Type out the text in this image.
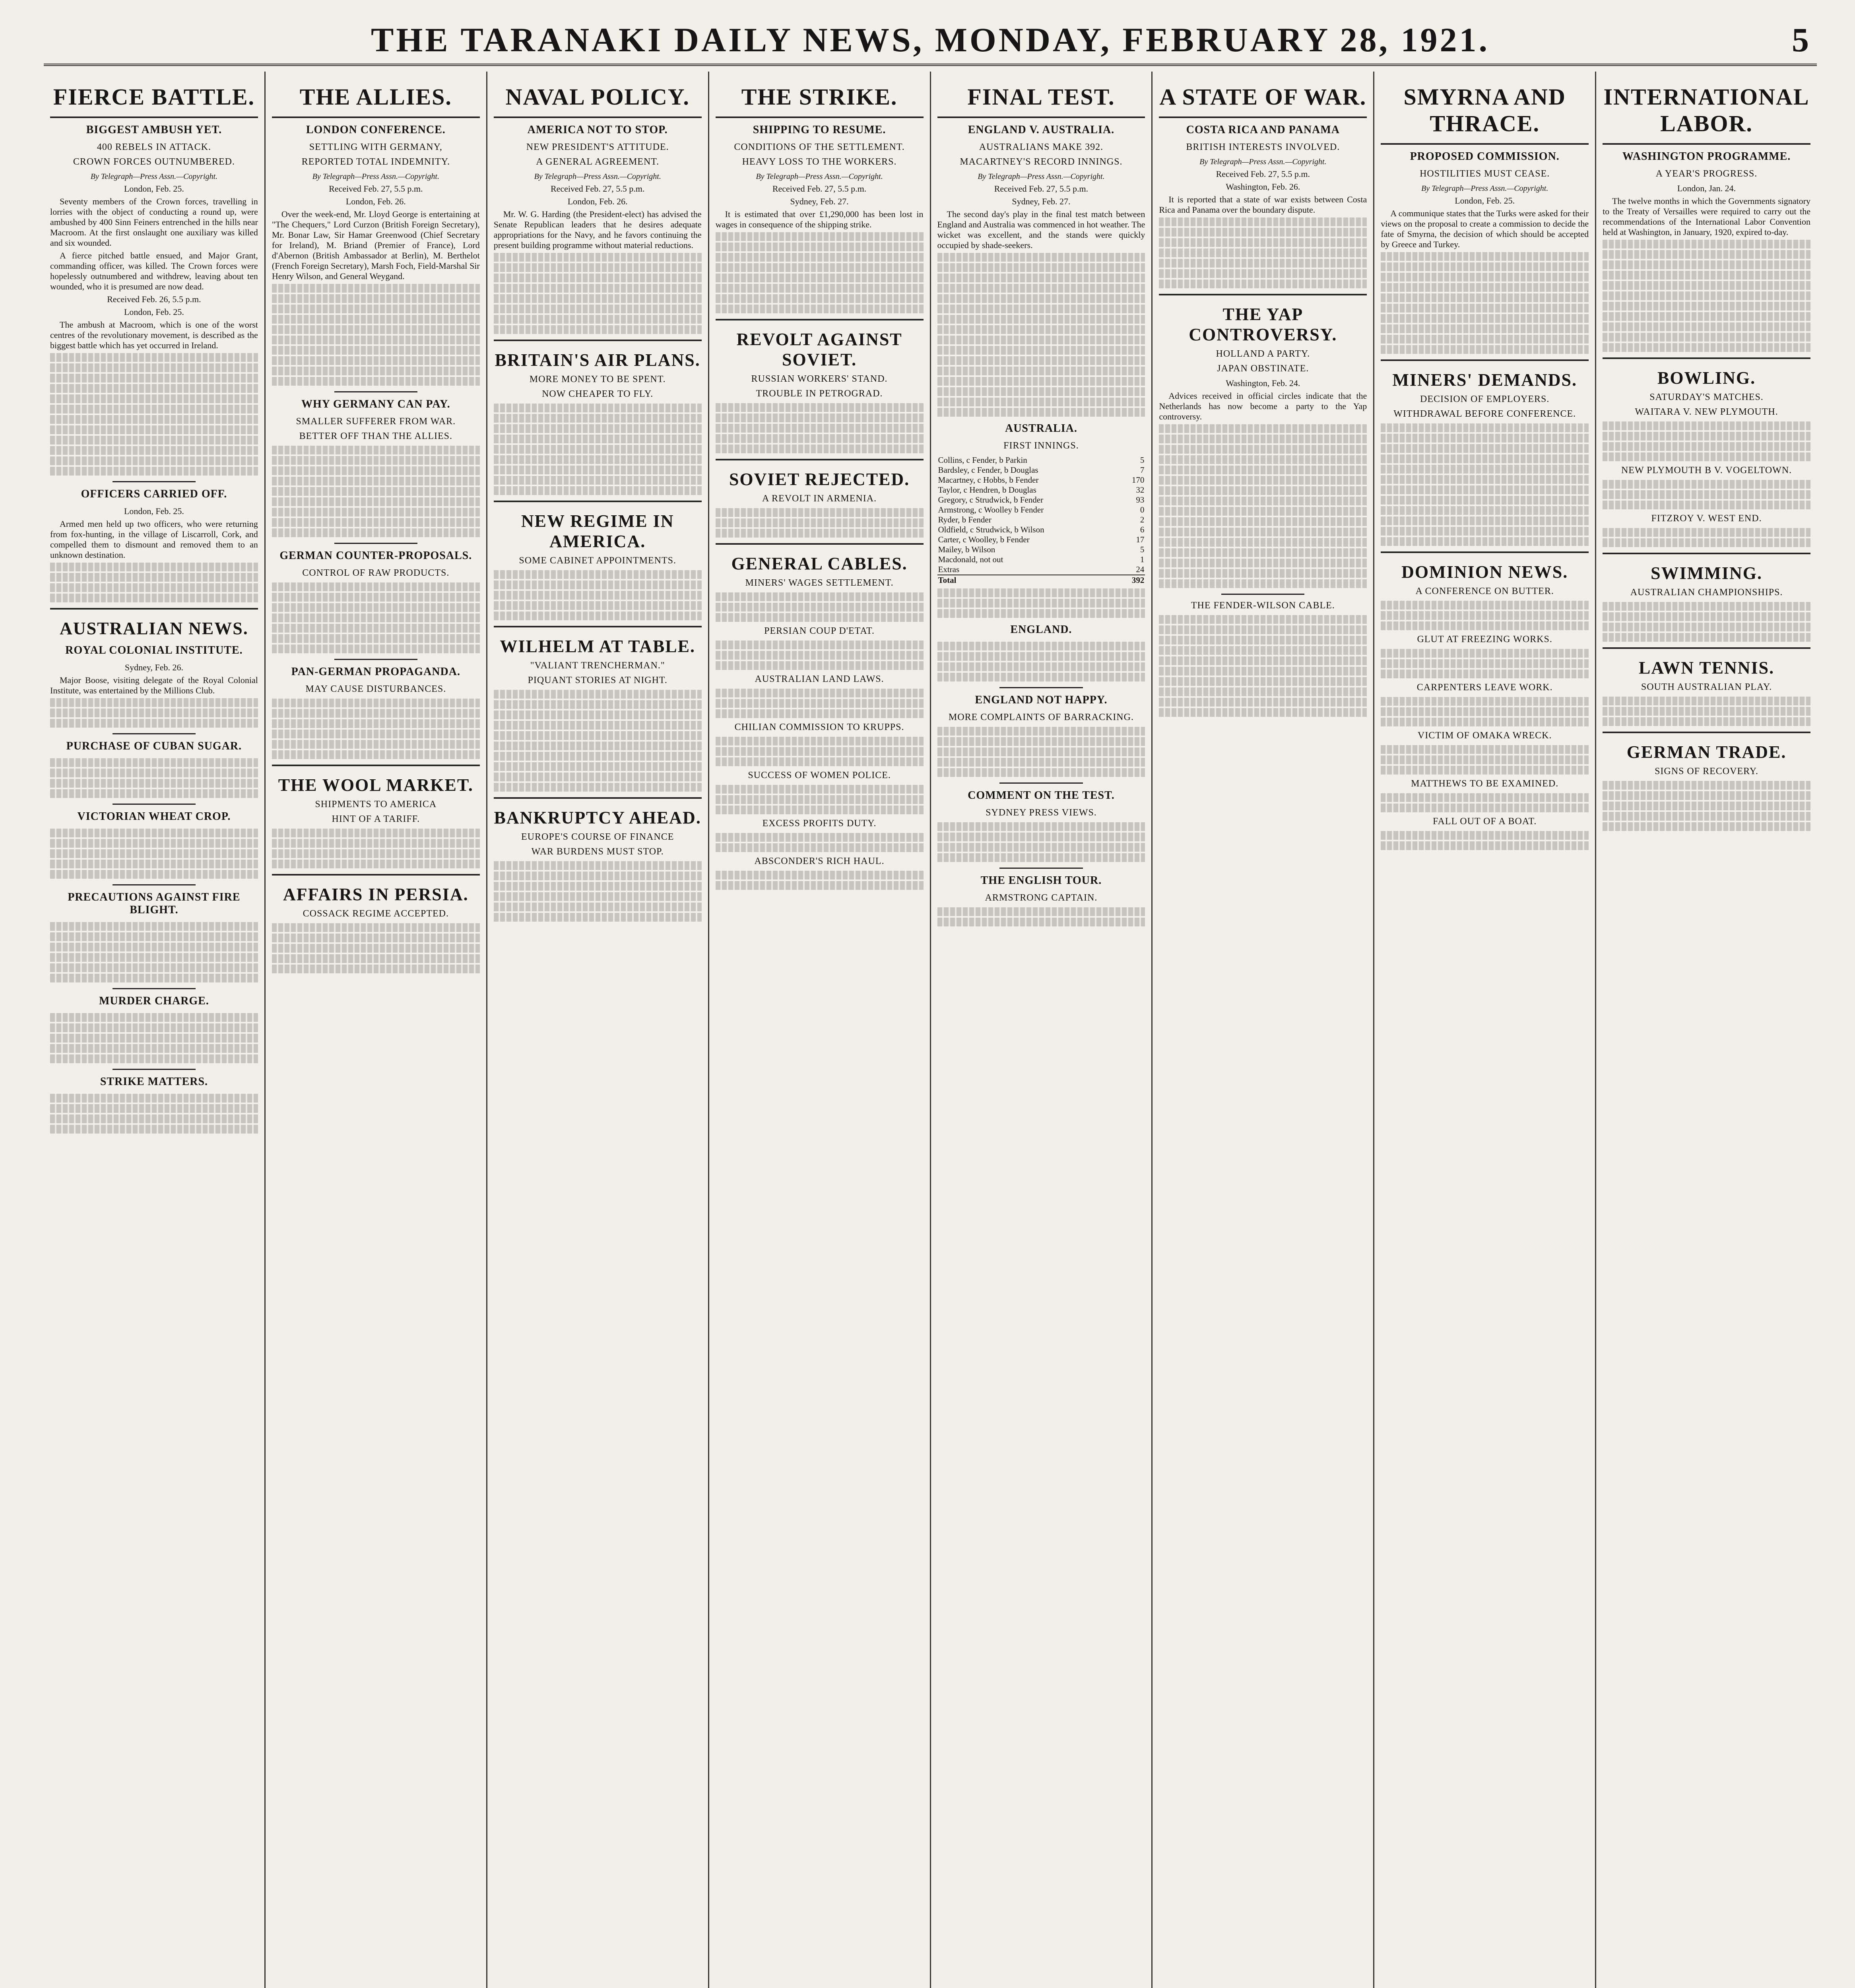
THE TARANAKI DAILY NEWS, MONDAY, FEBRUARY 28, 1921.	5
FIERCE BATTLE.
BIGGEST AMBUSH YET.
400 REBELS IN ATTACK.
CROWN FORCES OUTNUMBERED.
By Telegraph—Press Assn.—Copyright.
London, Feb. 25.

Seventy members of the Crown forces, travelling in lorries with the object of conducting a round up, were ambushed by 400 Sinn Feiners entrenched in the hills near Macroom. At the first onslaught one auxiliary was killed and six wounded.

A fierce pitched battle ensued, and Major Grant, commanding officer, was killed. The Crown forces were hopelessly outnumbered and withdrew, leaving about ten wounded, who it is presumed are now dead.

Received Feb. 26, 5.5 p.m.
London, Feb. 25.

The ambush at Macroom, which is one of the worst centres of the revolutionary movement, is described as the biggest battle which has yet occurred in Ireland.

OFFICERS CARRIED OFF.
London, Feb. 25.

Armed men held up two officers, who were returning from fox-hunting, in the village of Liscarroll, Cork, and compelled them to dismount and removed them to an unknown destination.

AUSTRALIAN NEWS.
ROYAL COLONIAL INSTITUTE.
Sydney, Feb. 26.

Major Boose, visiting delegate of the Royal Colonial Institute, was entertained by the Millions Club.

PURCHASE OF CUBAN SUGAR.
VICTORIAN WHEAT CROP.
PRECAUTIONS AGAINST FIRE BLIGHT.
MURDER CHARGE.
STRIKE MATTERS.
THE ALLIES.
LONDON CONFERENCE.
SETTLING WITH GERMANY,
REPORTED TOTAL INDEMNITY.
By Telegraph—Press Assn.—Copyright.
Received Feb. 27, 5.5 p.m.
London, Feb. 26.

Over the week-end, Mr. Lloyd George is entertaining at "The Chequers," Lord Curzon (British Foreign Secretary), Mr. Bonar Law, Sir Hamar Greenwood (Chief Secretary for Ireland), M. Briand (Premier of France), Lord d'Abernon (British Ambassador at Berlin), M. Berthelot (French Foreign Secretary), Marsh Foch, Field-Marshal Sir Henry Wilson, and General Weygand.

WHY GERMANY CAN PAY.
SMALLER SUFFERER FROM WAR.
BETTER OFF THAN THE ALLIES.
GERMAN COUNTER-PROPOSALS.
CONTROL OF RAW PRODUCTS.
PAN-GERMAN PROPAGANDA.
MAY CAUSE DISTURBANCES.
THE WOOL MARKET.
SHIPMENTS TO AMERICA
HINT OF A TARIFF.
AFFAIRS IN PERSIA.
COSSACK REGIME ACCEPTED.
NAVAL POLICY.
AMERICA NOT TO STOP.
NEW PRESIDENT'S ATTITUDE.
A GENERAL AGREEMENT.
By Telegraph—Press Assn.—Copyright.
Received Feb. 27, 5.5 p.m.
London, Feb. 26.

Mr. W. G. Harding (the President-elect) has advised the Senate Republican leaders that he desires adequate appropriations for the Navy, and he favors continuing the present building programme without material reductions.

BRITAIN'S AIR PLANS.
MORE MONEY TO BE SPENT.
NOW CHEAPER TO FLY.
NEW REGIME IN AMERICA.
SOME CABINET APPOINTMENTS.
WILHELM AT TABLE.
"VALIANT TRENCHERMAN."
PIQUANT STORIES AT NIGHT.
BANKRUPTCY AHEAD.
EUROPE'S COURSE OF FINANCE
WAR BURDENS MUST STOP.
THE STRIKE.
SHIPPING TO RESUME.
CONDITIONS OF THE SETTLEMENT.
HEAVY LOSS TO THE WORKERS.
By Telegraph—Press Assn.—Copyright.
Received Feb. 27, 5.5 p.m.
Sydney, Feb. 27.

It is estimated that over £1,290,000 has been lost in wages in consequence of the shipping strike.

REVOLT AGAINST SOVIET.
RUSSIAN WORKERS' STAND.
TROUBLE IN PETROGRAD.
SOVIET REJECTED.
A REVOLT IN ARMENIA.
GENERAL CABLES.
MINERS' WAGES SETTLEMENT.
PERSIAN COUP D'ETAT.
AUSTRALIAN LAND LAWS.
CHILIAN COMMISSION TO KRUPPS.
SUCCESS OF WOMEN POLICE.
EXCESS PROFITS DUTY.
ABSCONDER'S RICH HAUL.
FINAL TEST.
ENGLAND V. AUSTRALIA.
AUSTRALIANS MAKE 392.
MACARTNEY'S RECORD INNINGS.
By Telegraph—Press Assn.—Copyright.
Received Feb. 27, 5.5 p.m.
Sydney, Feb. 27.

The second day's play in the final test match between England and Australia was commenced in hot weather. The wicket was excellent, and the stands were quickly occupied by shade-seekers.

AUSTRALIA.
FIRST INNINGS.
Collins, c Fender, b Parkin	5
Bardsley, c Fender, b Douglas	7
Macartney, c Hobbs, b Fender	170
Taylor, c Hendren, b Douglas	32
Gregory, c Strudwick, b Fender	93
Armstrong, c Woolley b Fender	0
Ryder, b Fender	2
Oldfield, c Strudwick, b Wilson	6
Carter, c Woolley, b Fender	17
Mailey, b Wilson	5
Macdonald, not out	1
Extras	24
Total	392
ENGLAND.
ENGLAND NOT HAPPY.
MORE COMPLAINTS OF BARRACKING.
COMMENT ON THE TEST.
SYDNEY PRESS VIEWS.
THE ENGLISH TOUR.
ARMSTRONG CAPTAIN.
A STATE OF WAR.
COSTA RICA AND PANAMA
BRITISH INTERESTS INVOLVED.
By Telegraph—Press Assn.—Copyright.
Received Feb. 27, 5.5 p.m.
Washington, Feb. 26.

It is reported that a state of war exists between Costa Rica and Panama over the boundary dispute.

THE YAP CONTROVERSY.
HOLLAND A PARTY.
JAPAN OBSTINATE.
Washington, Feb. 24.

Advices received in official circles indicate that the Netherlands has now become a party to the Yap controversy.

THE FENDER-WILSON CABLE.
SMYRNA AND THRACE.
PROPOSED COMMISSION.
HOSTILITIES MUST CEASE.
By Telegraph—Press Assn.—Copyright.
London, Feb. 25.

A communique states that the Turks were asked for their views on the proposal to create a commission to decide the fate of Smyrna, the decision of which should be accepted by Greece and Turkey.

MINERS' DEMANDS.
DECISION OF EMPLOYERS.
WITHDRAWAL BEFORE CONFERENCE.
DOMINION NEWS.
A CONFERENCE ON BUTTER.
GLUT AT FREEZING WORKS.
CARPENTERS LEAVE WORK.
VICTIM OF OMAKA WRECK.
MATTHEWS TO BE EXAMINED.
FALL OUT OF A BOAT.
INTERNATIONAL LABOR.
WASHINGTON PROGRAMME.
A YEAR'S PROGRESS.
London, Jan. 24.

The twelve months in which the Governments signatory to the Treaty of Versailles were required to carry out the recommendations of the International Labor Convention held at Washington, in January, 1920, expired to-day.

BOWLING.
SATURDAY'S MATCHES.
WAITARA V. NEW PLYMOUTH.
NEW PLYMOUTH B V. VOGELTOWN.
FITZROY V. WEST END.
SWIMMING.
AUSTRALIAN CHAMPIONSHIPS.
LAWN TENNIS.
SOUTH AUSTRALIAN PLAY.
GERMAN TRADE.
SIGNS OF RECOVERY.
